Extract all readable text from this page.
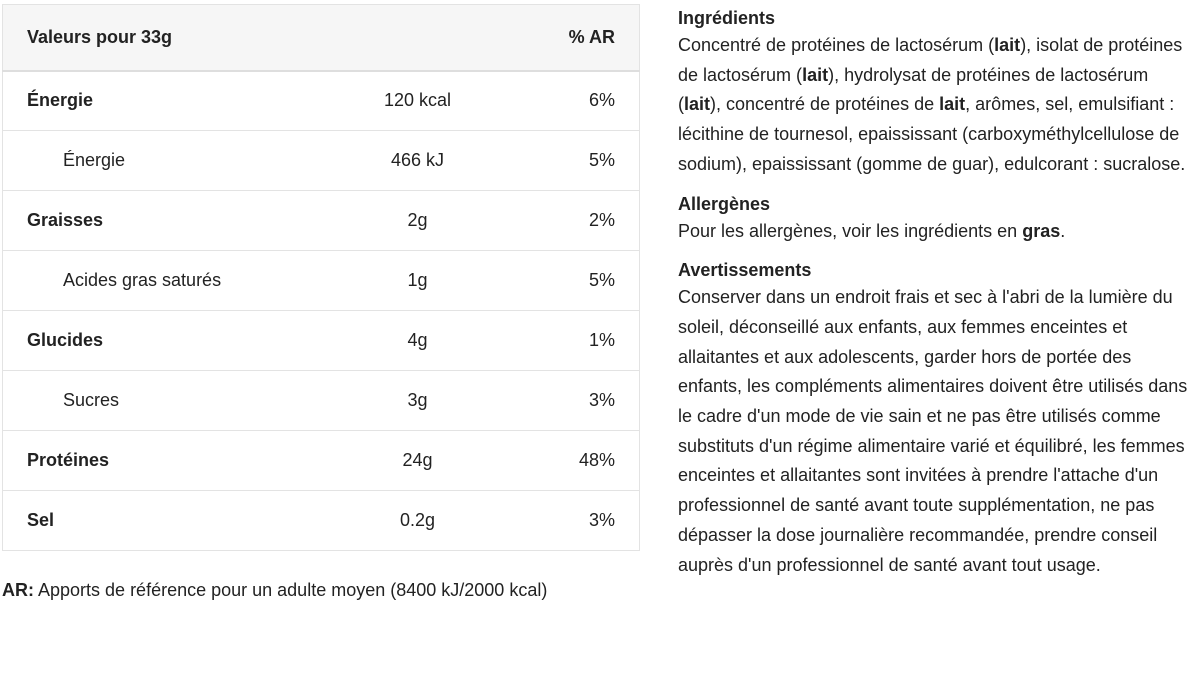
Valeurs pour 33g		% AR
Énergie	120 kcal	6%
Énergie	466 kJ	5%
Graisses	2g	2%
Acides gras saturés	1g	5%
Glucides	4g	1%
Sucres	3g	3%
Protéines	24g	48%
Sel	0.2g	3%
AR: Apports de référence pour un adulte moyen (8400 kJ/2000 kcal)
Ingrédients

Concentré de protéines de lactosérum (lait), isolat de protéines de lactosérum (lait), hydrolysat de protéines de lactosérum (lait), concentré de protéines de lait, arômes, sel, emulsifiant : lécithine de tournesol, epaississant (carboxyméthylcellulose de sodium), epaississant (gomme de guar), edulcorant : sucralose.

Allergènes

Pour les allergènes, voir les ingrédients en gras.

Avertissements

Conserver dans un endroit frais et sec à l'abri de la lumière du soleil, déconseillé aux enfants, aux femmes enceintes et allaitantes et aux adolescents, garder hors de portée des enfants, les compléments alimentaires doivent être utilisés dans le cadre d'un mode de vie sain et ne pas être utilisés comme substituts d'un régime alimentaire varié et équilibré, les femmes enceintes et allaitantes sont invitées à prendre l'attache d'un professionnel de santé avant toute supplémentation, ne pas dépasser la dose journalière recommandée, prendre conseil auprès d'un professionnel de santé avant tout usage.
